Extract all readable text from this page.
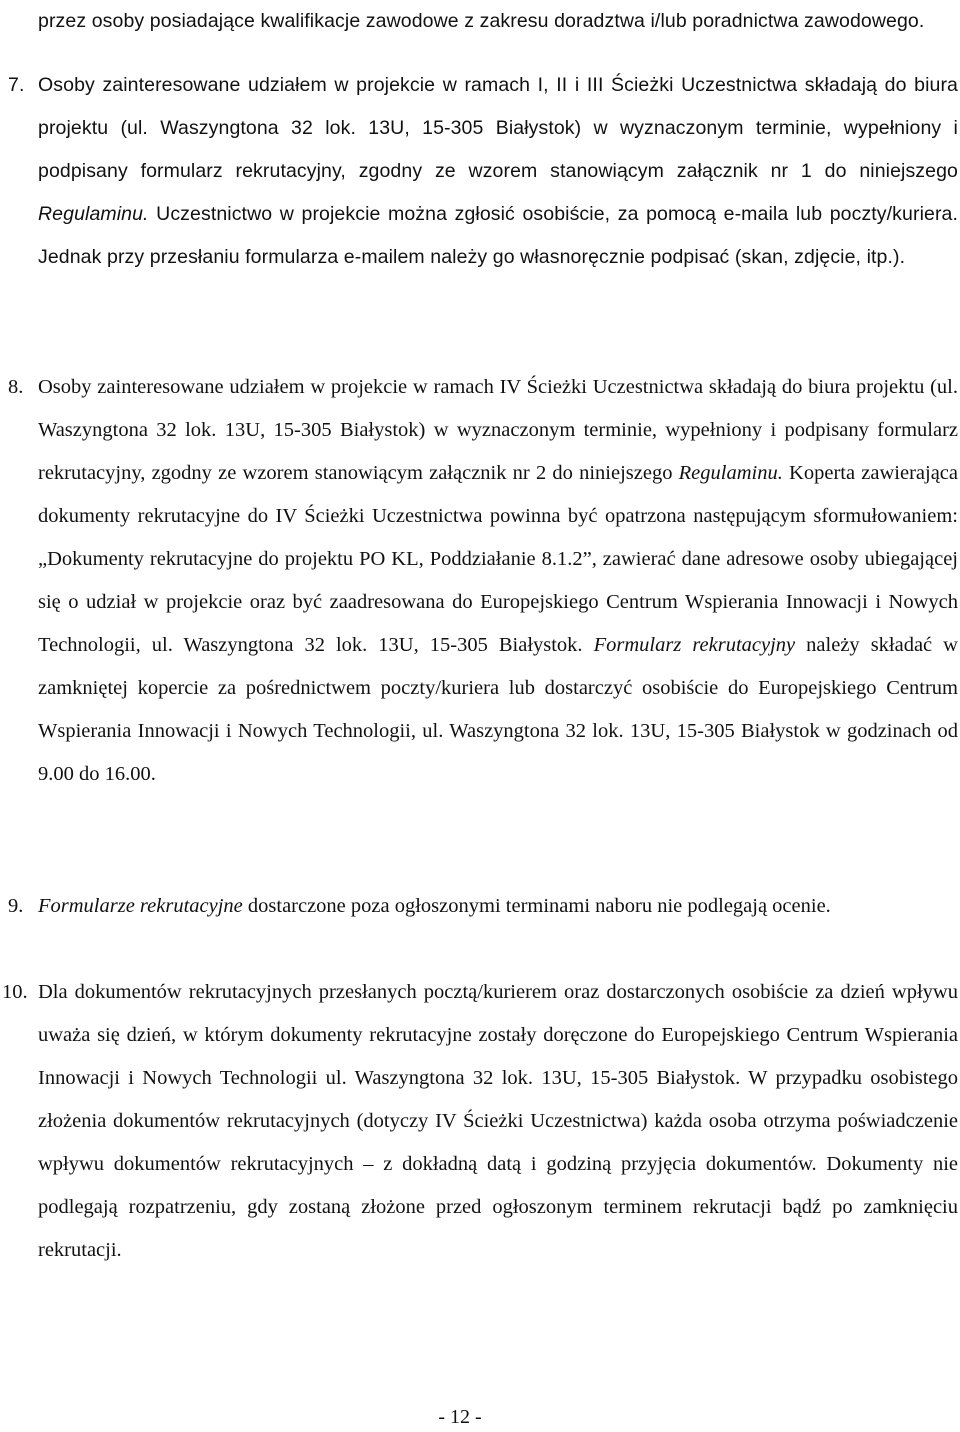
przez osoby posiadające kwalifikacje zawodowe z zakresu doradztwa i/lub poradnictwa zawodowego.

7. Osoby zainteresowane udziałem w projekcie w ramach I, II i III Ścieżki Uczestnictwa składają do biura projektu (ul. Waszyngtona 32 lok. 13U, 15-305 Białystok) w wyznaczonym terminie, wypełniony i podpisany formularz rekrutacyjny, zgodny ze wzorem stanowiącym załącznik nr 1 do niniejszego Regulaminu. Uczestnictwo w projekcie można zgłosić osobiście, za pomocą e-maila lub poczty/kuriera. Jednak przy przesłaniu formularza e-mailem należy go własnoręcznie podpisać (skan, zdjęcie, itp.).
8. Osoby zainteresowane udziałem w projekcie w ramach IV Ścieżki Uczestnictwa składają do biura projektu (ul. Waszyngtona 32 lok. 13U, 15-305 Białystok) w wyznaczonym terminie, wypełniony i podpisany formularz rekrutacyjny, zgodny ze wzorem stanowiącym załącznik nr 2 do niniejszego Regulaminu. Koperta zawierająca dokumenty rekrutacyjne do IV Ścieżki Uczestnictwa powinna być opatrzona następującym sformułowaniem: „Dokumenty rekrutacyjne do projektu PO KL, Poddziałanie 8.1.2”, zawierać dane adresowe osoby ubiegającej się o udział w projekcie oraz być zaadresowana do Europejskiego Centrum Wspierania Innowacji i Nowych Technologii, ul. Waszyngtona 32 lok. 13U, 15-305 Białystok. Formularz rekrutacyjny należy składać w zamkniętej kopercie za pośrednictwem poczty/kuriera lub dostarczyć osobiście do Europejskiego Centrum Wspierania Innowacji i Nowych Technologii, ul. Waszyngtona 32 lok. 13U, 15-305 Białystok w godzinach od 9.00 do 16.00.
9. Formularze rekrutacyjne dostarczone poza ogłoszonymi terminami naboru nie podlegają ocenie.
10. Dla dokumentów rekrutacyjnych przesłanych pocztą/kurierem oraz dostarczonych osobiście za dzień wpływu uważa się dzień, w którym dokumenty rekrutacyjne zostały doręczone do Europejskiego Centrum Wspierania Innowacji i Nowych Technologii ul. Waszyngtona 32 lok. 13U, 15-305 Białystok. W przypadku osobistego złożenia dokumentów rekrutacyjnych (dotyczy IV Ścieżki Uczestnictwa) każda osoba otrzyma poświadczenie wpływu dokumentów rekrutacyjnych – z dokładną datą i godziną przyjęcia dokumentów. Dokumenty nie podlegają rozpatrzeniu, gdy zostaną złożone przed ogłoszonym terminem rekrutacji bądź po zamknięciu rekrutacji.
- 12 -
